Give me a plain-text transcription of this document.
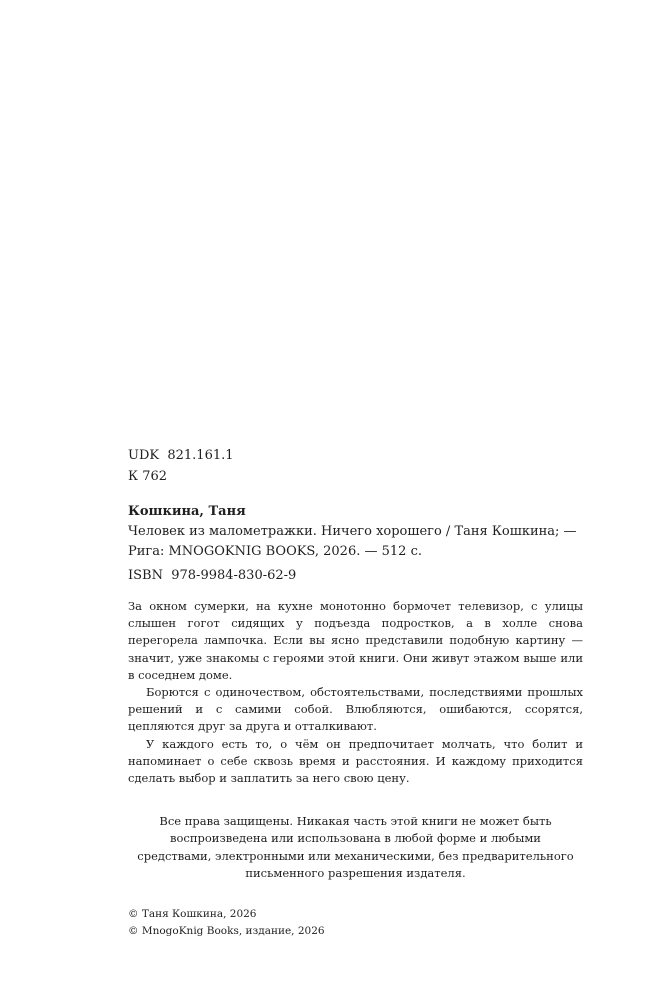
UDK  821.161.1
К 762
Кошкина, Таня
Человек из малометражки. Ничего хорошего / Таня Кошкина; —
Рига: MNOGOKNIG BOOKS, 2026. — 512 с.
ISBN  978-9984-830-62-9

За окном сумерки, на кухне монотонно бормочет телевизор, с улицы слышен гогот сидящих у подъезда подростков, а в холле снова перегорела лампочка. Если вы ясно представили подобную картину — значит, уже знакомы с героями этой книги. Они живут этажом выше или в соседнем доме.

Борются с одиночеством, обстоятельствами, последствиями прошлых решений и с самими собой. Влюбляются, ошибаются, ссорятся, цепляются друг за друга и отталкивают.

У каждого есть то, о чём он предпочитает молчать, что болит и напоминает о себе сквозь время и расстояния. И каждому приходится сделать выбор и заплатить за него свою цену.

Все права защищены. Никакая часть этой книги не может быть воспроизведена или использована в любой форме и любыми средствами, электронными или механическими, без предварительного письменного разрешения издателя.
© Таня Кошкина, 2026
© MnogoKnig Books, издание, 2026
